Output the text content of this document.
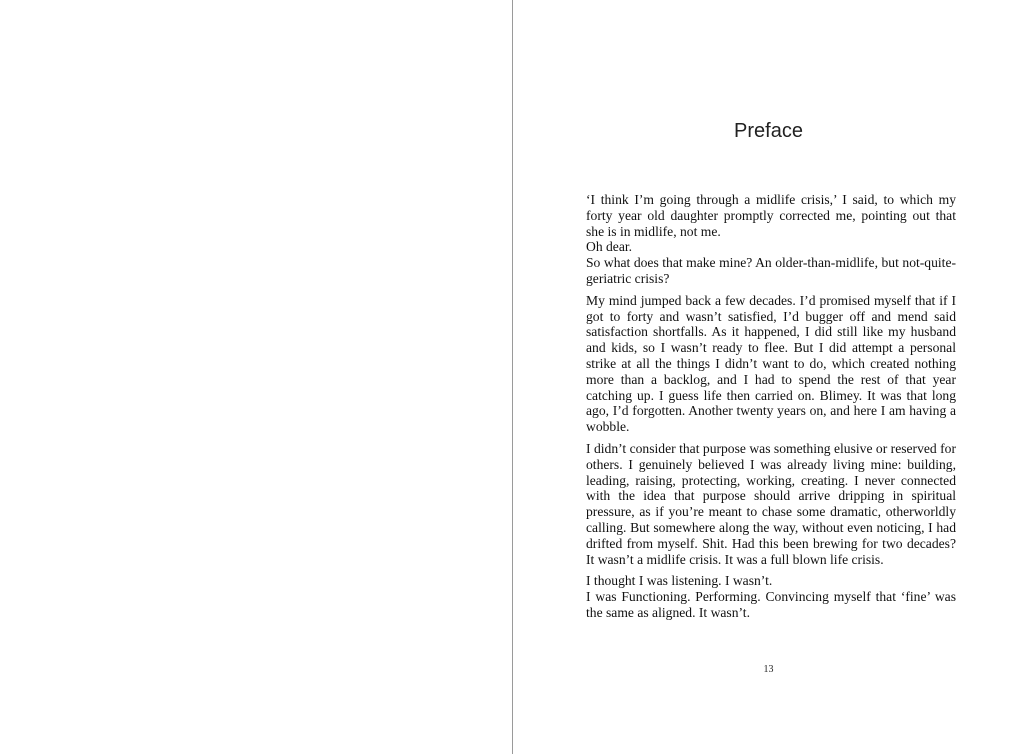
Preface

‘I think I’m going through a midlife crisis,’ I said, to which my forty year old daughter promptly corrected me, pointing out that she is in midlife, not me.
Oh dear.
So what does that make mine? An older-than-midlife, but not-quite-geriatric crisis?

My mind jumped back a few decades. I’d promised myself that if I got to forty and wasn’t satisfied, I’d bugger off and mend said satisfaction shortfalls. As it happened, I did still like my husband and kids, so I wasn’t ready to flee. But I did attempt a personal strike at all the things I didn’t want to do, which created nothing more than a backlog, and I had to spend the rest of that year catching up. I guess life then carried on. Blimey. It was that long ago, I’d forgotten. Another twenty years on, and here I am having a wobble.

I didn’t consider that purpose was something elusive or reserved for others. I genuinely believed I was already living mine: building, leading, raising, protecting, working, creating. I never connected with the idea that purpose should arrive dripping in spiritual pressure, as if you’re meant to chase some dramatic, otherworldly calling. But somewhere along the way, without even noticing, I had drifted from myself. Shit. Had this been brewing for two decades? It wasn’t a midlife crisis. It was a full blown life crisis.

I thought I was listening. I wasn’t.
I was Functioning. Performing. Convincing myself that ‘fine’ was the same as aligned. It wasn’t.

13
